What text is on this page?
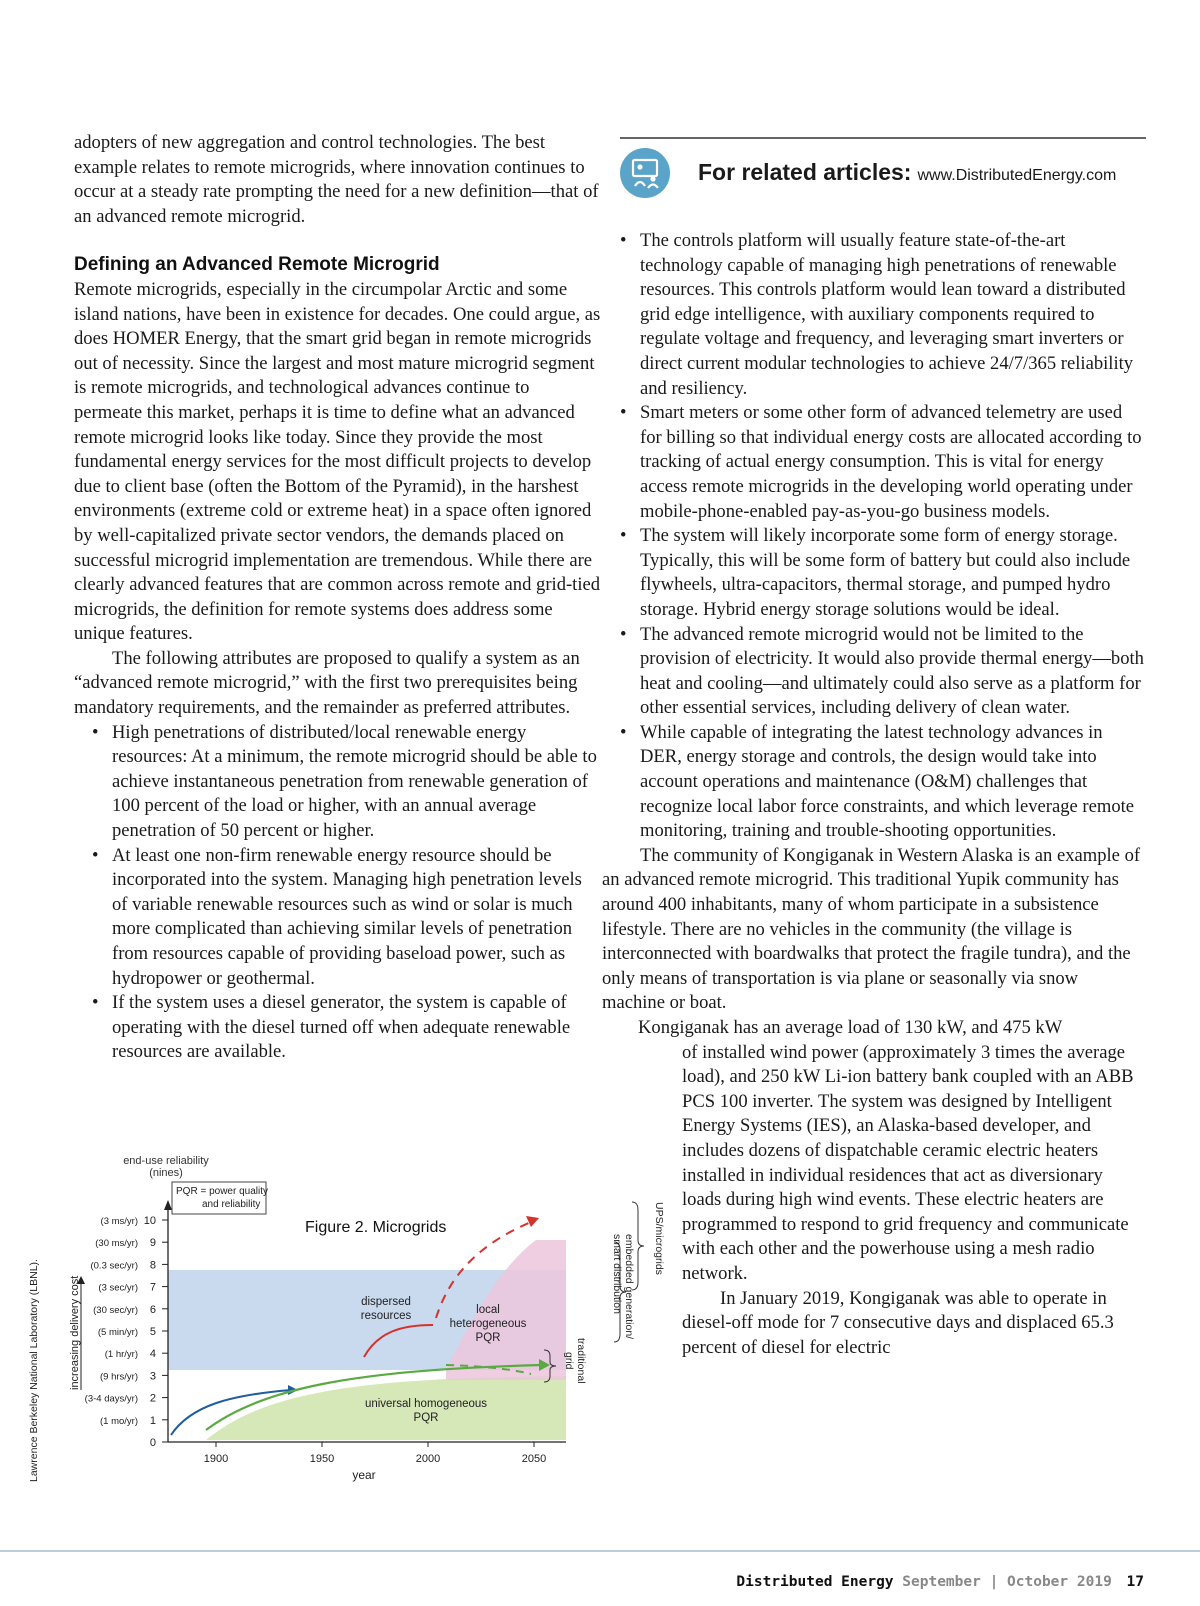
adopters of new aggregation and control technologies. The best example relates to remote microgrids, where innovation continues to occur at a steady rate prompting the need for a new definition—that of an advanced remote microgrid.

Defining an Advanced Remote Microgrid

Remote microgrids, especially in the circumpolar Arctic and some island nations, have been in existence for decades. One could argue, as does HOMER Energy, that the smart grid began in remote microgrids out of necessity. Since the largest and most mature microgrid segment is remote microgrids, and technological advances continue to permeate this market, perhaps it is time to define what an advanced remote microgrid looks like today. Since they provide the most fundamental energy services for the most difficult projects to develop due to client base (often the Bottom of the Pyramid), in the harshest environments (extreme cold or extreme heat) in a space often ignored by well-capitalized private sector vendors, the demands placed on successful microgrid implementation are tremendous. While there are clearly advanced features that are common across remote and grid-tied microgrids, the definition for remote systems does address some unique features.

The following attributes are proposed to qualify a system as an “advanced remote microgrid,” with the first two prerequisites being mandatory requirements, and the remainder as preferred attributes.

• High penetrations of distributed/local renewable energy resources: At a minimum, the remote microgrid should be able to achieve instantaneous penetration from renewable generation of 100 percent of the load or higher, with an annual average penetration of 50 percent or higher.
• At least one non-firm renewable energy resource should be incorporated into the system. Managing high penetration levels of variable renewable resources such as wind or solar is much more complicated than achieving similar levels of penetration from resources capable of providing baseload power, such as hydropower or geothermal.
• If the system uses a diesel generator, the system is capable of operating with the diesel turned off when adequate renewable resources are available.
For related articles: www.DistributedEnergy.com
• The controls platform will usually feature state-of-the-art technology capable of managing high penetrations of renewable resources. This controls platform would lean toward a distributed grid edge intelligence, with auxiliary components required to regulate voltage and frequency, and leveraging smart inverters or direct current modular technologies to achieve 24/7/365 reliability and resiliency.
• Smart meters or some other form of advanced telemetry are used for billing so that individual energy costs are allocated according to tracking of actual energy consumption. This is vital for energy access remote microgrids in the developing world operating under mobile-phone-enabled pay-as-you-go business models.
• The system will likely incorporate some form of energy storage. Typically, this will be some form of battery but could also include flywheels, ultra-capacitors, thermal storage, and pumped hydro storage. Hybrid energy storage solutions would be ideal.
• The advanced remote microgrid would not be limited to the provision of electricity. It would also provide thermal energy—both heat and cooling—and ultimately could also serve as a platform for other essential services, including delivery of clean water.
• While capable of integrating the latest technology advances in DER, energy storage and controls, the design would take into account operations and maintenance (O&M) challenges that recognize local labor force constraints, and which leverage remote monitoring, training and trouble-shooting opportunities.

The community of Kongiganak in Western Alaska is an example of an advanced remote microgrid. This traditional Yupik community has around 400 inhabitants, many of whom participate in a subsistence lifestyle. There are no vehicles in the community (the village is interconnected with boardwalks that protect the fragile tundra), and the only means of transportation is via plane or seasonally via snow machine or boat.

Kongiganak has an average load of 130 kW, and 475 kW

of installed wind power (approximately 3 times the average load), and 250 kW Li-ion battery bank coupled with an ABB PCS 100 inverter. The system was designed by Intelligent Energy Systems (IES), an Alaska-based developer, and includes dozens of dispatchable ceramic electric heaters installed in individual residences that act as diversionary loads during high wind events. These electric heaters are programmed to respond to grid frequency and communicate with each other and the powerhouse using a mesh radio network.

In January 2019, Kongiganak was able to operate in diesel-off mode for 7 consecutive days and displaced 65.3 percent of diesel for electric

Lawrence Berkeley National Laboratory (LBNL).
Figure 2. Microgrids
end-use reliability
(nines)
10
(3 ms/yr)
9
(30 ms/yr)
8
(0.3 sec/yr)
7
(3 sec/yr)
6
(30 sec/yr)
5
(5 min/yr)
4
(1 hr/yr)
3
(9 hrs/yr)
2
(3-4 days/yr)
1
(1 mo/yr)
0
1900	1950	2000	2050
PQR = power quality
and reliability
dispersed
resources	local
heterogeneous
PQR
universal homogeneous
PQR
UPS/microgrids
embedded generation/
smart distribution
traditional
grid
increasing delivery cost
year
Distributed Energy September | October 2019 17
